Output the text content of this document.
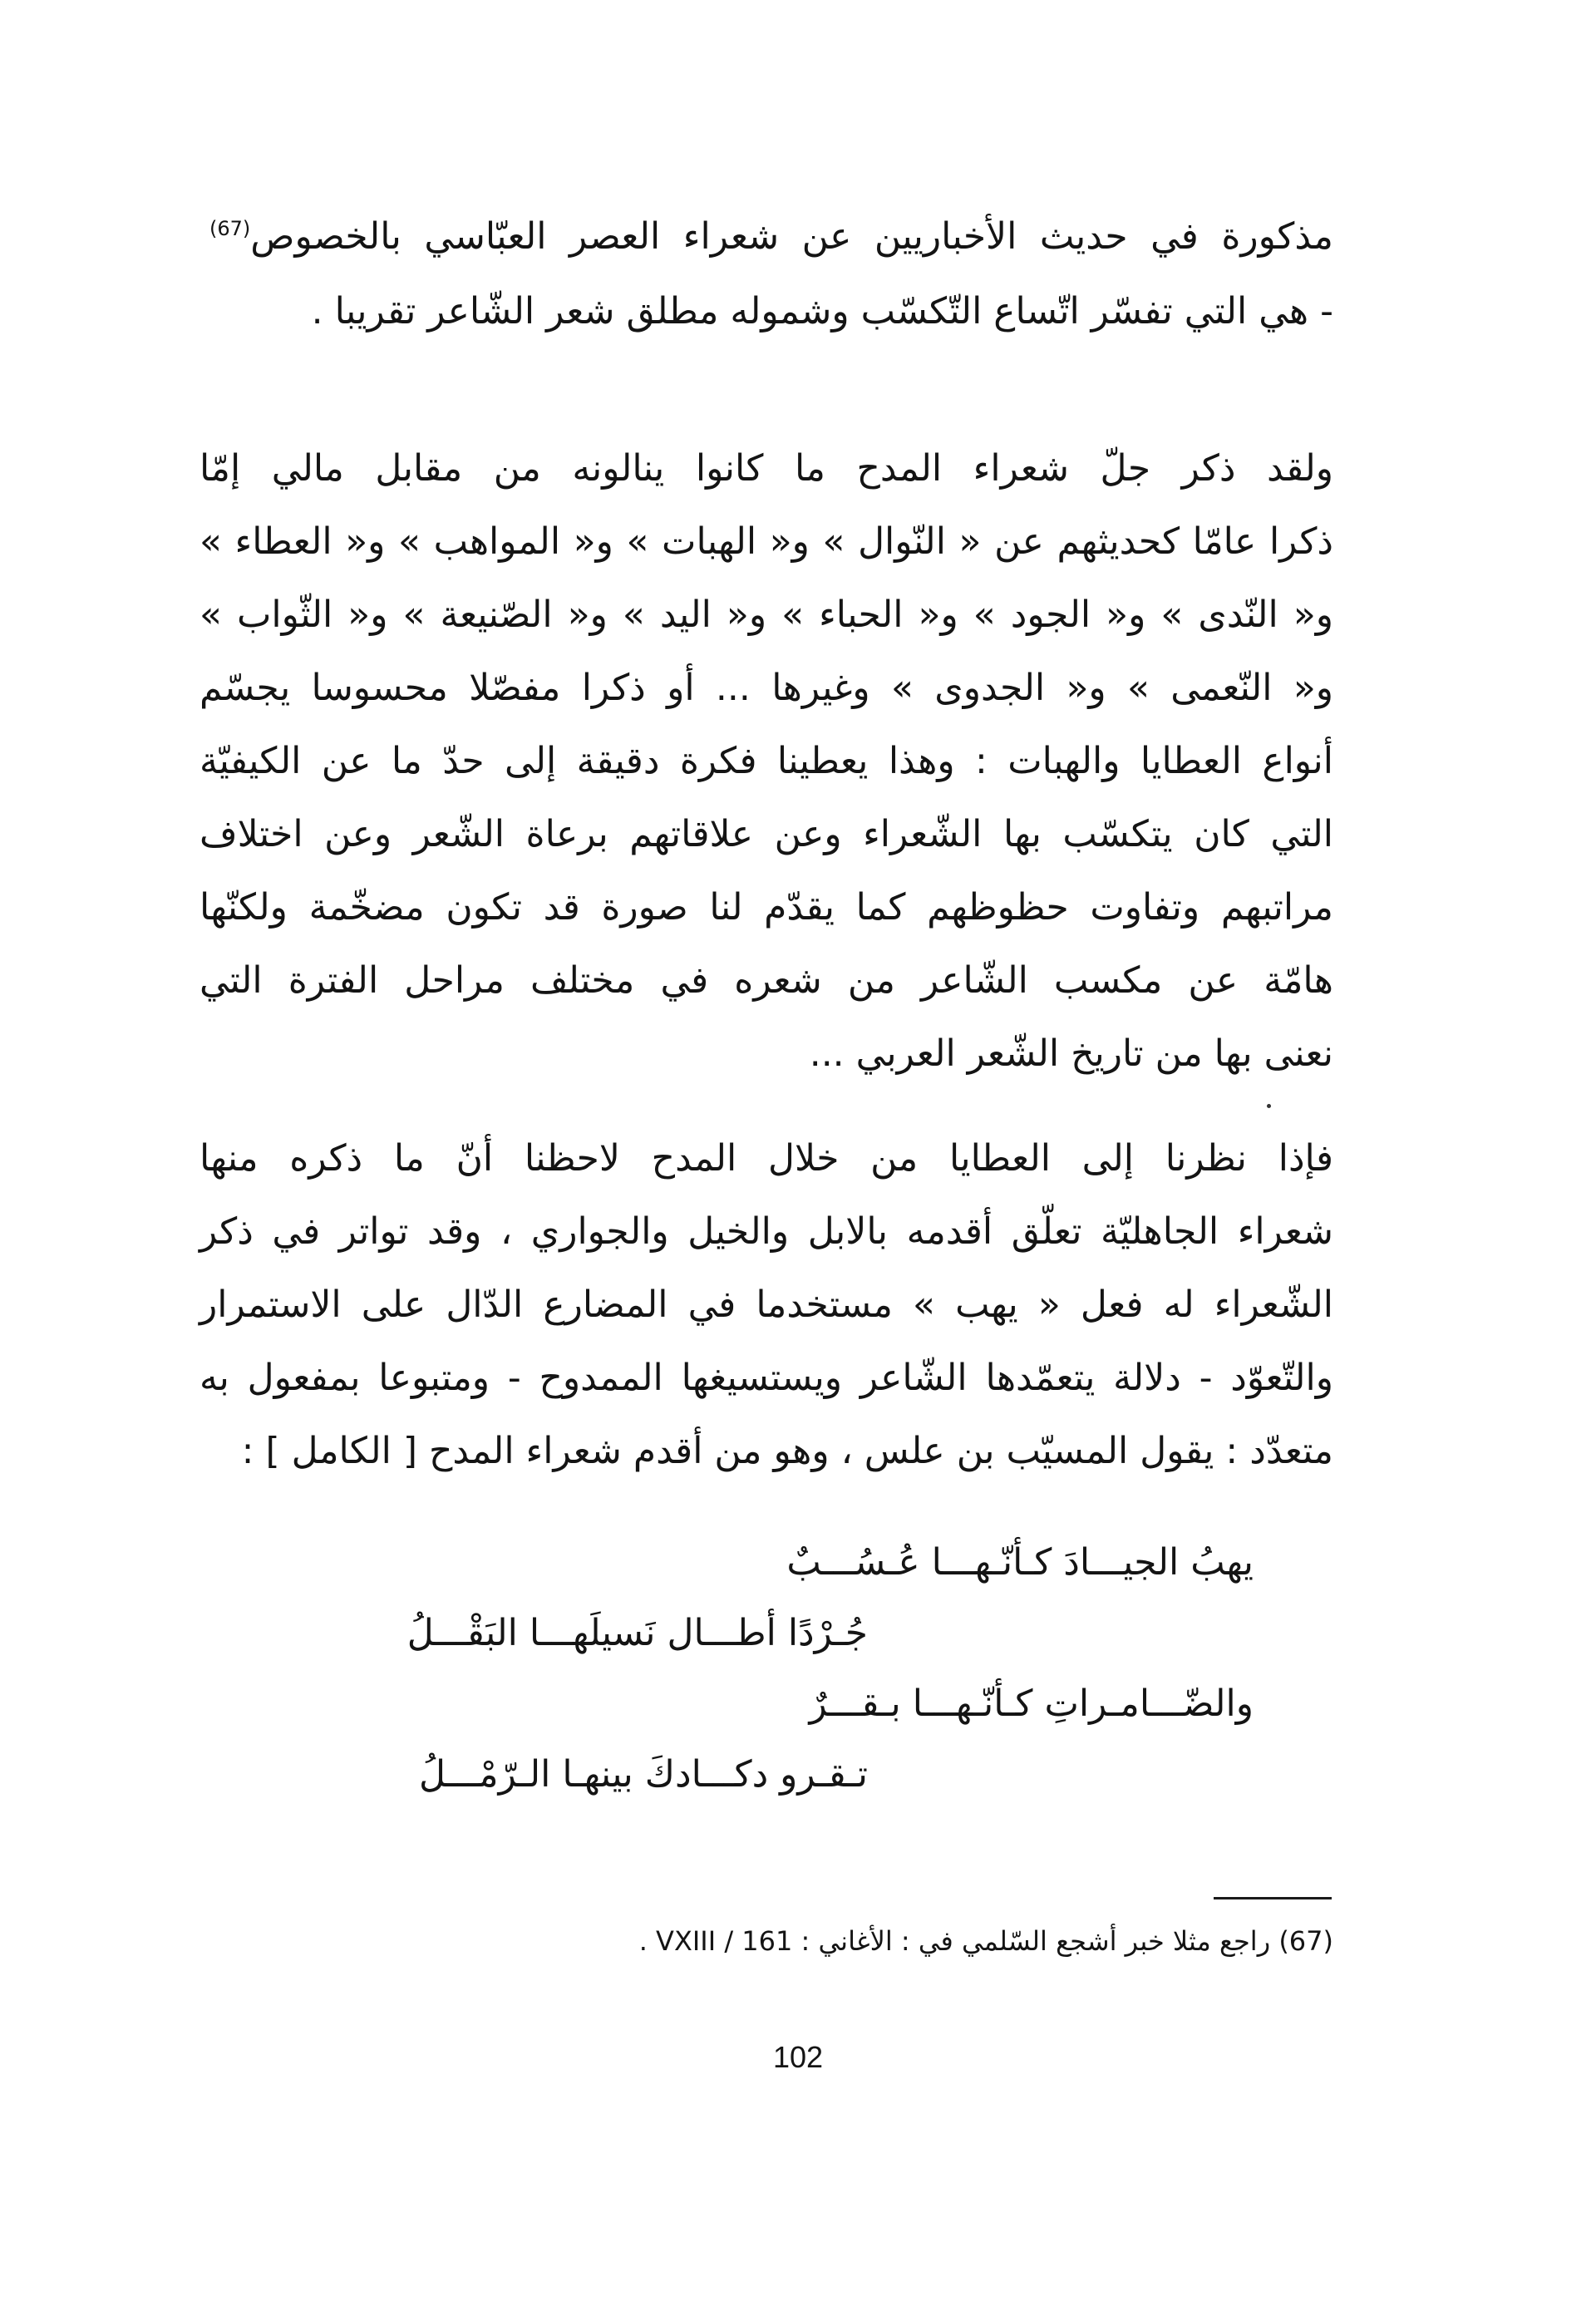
مذكورة في حديث الأخباريين عن شعراء العصر العبّاسي بالخصوص$^{(67)}$
- هي التي تفسّر اتّساع التّكسّب وشموله مطلق شعر الشّاعر تقريبا .
ولقد ذكر جلّ شعراء المدح ما كانوا ينالونه من مقابل مالي إمّا
ذكرا عامّا كحديثهم عن « النّوال » و« الهبات » و« المواهب » و« العطاء »
و« النّدى » و« الجود » و« الحباء » و« اليد » و« الصّنيعة » و« الثّواب »
و« النّعمى » و« الجدوى » وغيرها ... أو ذكرا مفصّلا محسوسا يجسّم
أنواع العطايا والهبات : وهذا يعطينا فكرة دقيقة إلى حدّ ما عن الكيفيّة
التي كان يتكسّب بها الشّعراء وعن علاقاتهم برعاة الشّعر وعن اختلاف
مراتبهم وتفاوت حظوظهم كما يقدّم لنا صورة قد تكون مضخّمة ولكنّها
هامّة عن مكسب الشّاعر من شعره في مختلف مراحل الفترة التي
نعنى بها من تاريخ الشّعر العربي ...
فإذا نظرنا إلى العطايا من خلال المدح لاحظنا أنّ ما ذكره منها
شعراء الجاهليّة تعلّق أقدمه بالابل والخيل والجواري ، وقد تواتر في ذكر
الشّعراء له فعل « يهب » مستخدما في المضارع الدّال على الاستمرار
والتّعوّد - دلالة يتعمّدها الشّاعر ويستسيغها الممدوح - ومتبوعا بمفعول به
متعدّد : يقول المسيّب بن علس ، وهو من أقدم شعراء المدح [ الكامل ] :
يهبُ الجيـــادَ كـأنّـهـــا عُـسُـــبٌ
جُـرْدًا أطـــال نَسيلَهـــا البَقْـــلُ
والضّـــامـراتِ كـأنّـهـــا بـقـــرٌ
تـقـرو دكـــادكَ بينهـا الـرّمْـــلُ
(67) راجع مثلا خبر أشجع السّلمي في : الأغاني : VXIII / 161 .
102
